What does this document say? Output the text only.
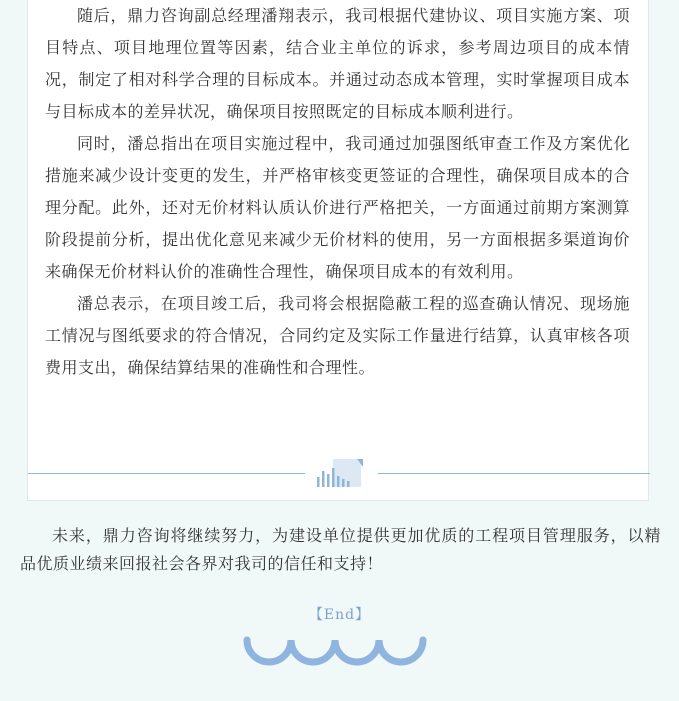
随后，鼎力咨询副总经理潘翔表示，我司根据代建协议、项目实施方案、项目特点、项目地理位置等因素，结合业主单位的诉求，参考周边项目的成本情况，制定了相对科学合理的目标成本。并通过动态成本管理，实时掌握项目成本与目标成本的差异状况，确保项目按照既定的目标成本顺利进行。

同时，潘总指出在项目实施过程中，我司通过加强图纸审查工作及方案优化措施来减少设计变更的发生，并严格审核变更签证的合理性，确保项目成本的合理分配。此外，还对无价材料认质认价进行严格把关，一方面通过前期方案测算阶段提前分析，提出优化意见来减少无价材料的使用，另一方面根据多渠道询价来确保无价材料认价的准确性合理性，确保项目成本的有效利用。

潘总表示，在项目竣工后，我司将会根据隐蔽工程的巡查确认情况、现场施工情况与图纸要求的符合情况，合同约定及实际工作量进行结算，认真审核各项费用支出，确保结算结果的准确性和合理性。

未来，鼎力咨询将继续努力，为建设单位提供更加优质的工程项目管理服务，以精品优质业绩来回报社会各界对我司的信任和支持！

【End】
